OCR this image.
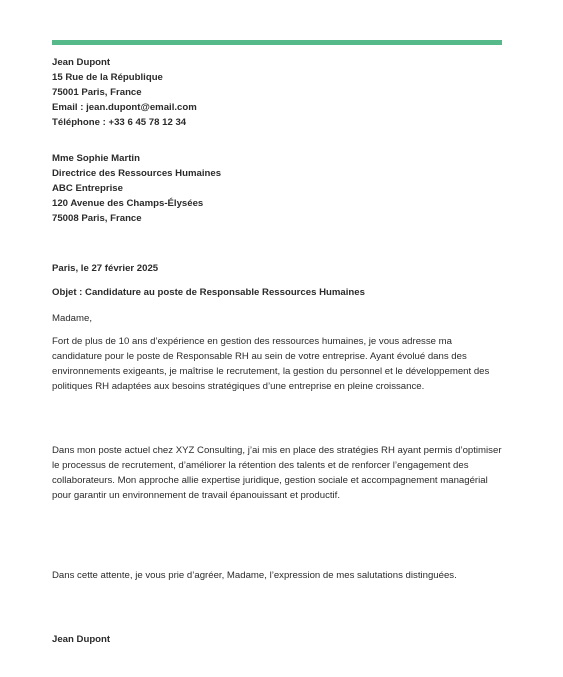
Jean Dupont
15 Rue de la République
75001 Paris, France
Email : jean.dupont@email.com
Téléphone : +33 6 45 78 12 34
Mme Sophie Martin
Directrice des Ressources Humaines
ABC Entreprise
120 Avenue des Champs-Élysées
75008 Paris, France
Paris, le 27 février 2025
Objet : Candidature au poste de Responsable Ressources Humaines
Madame,

Fort de plus de 10 ans d’expérience en gestion des ressources humaines, je vous adresse ma candidature pour le poste de Responsable RH au sein de votre entreprise. Ayant évolué dans des environnements exigeants, je maîtrise le recrutement, la gestion du personnel et le développement des politiques RH adaptées aux besoins stratégiques d’une entreprise en pleine croissance.

Dans mon poste actuel chez XYZ Consulting, j’ai mis en place des stratégies RH ayant permis d’optimiser le processus de recrutement, d’améliorer la rétention des talents et de renforcer l’engagement des collaborateurs. Mon approche allie expertise juridique, gestion sociale et accompagnement managérial pour garantir un environnement de travail épanouissant et productif.

Dans cette attente, je vous prie d’agréer, Madame, l’expression de mes salutations distinguées.

Jean Dupont
